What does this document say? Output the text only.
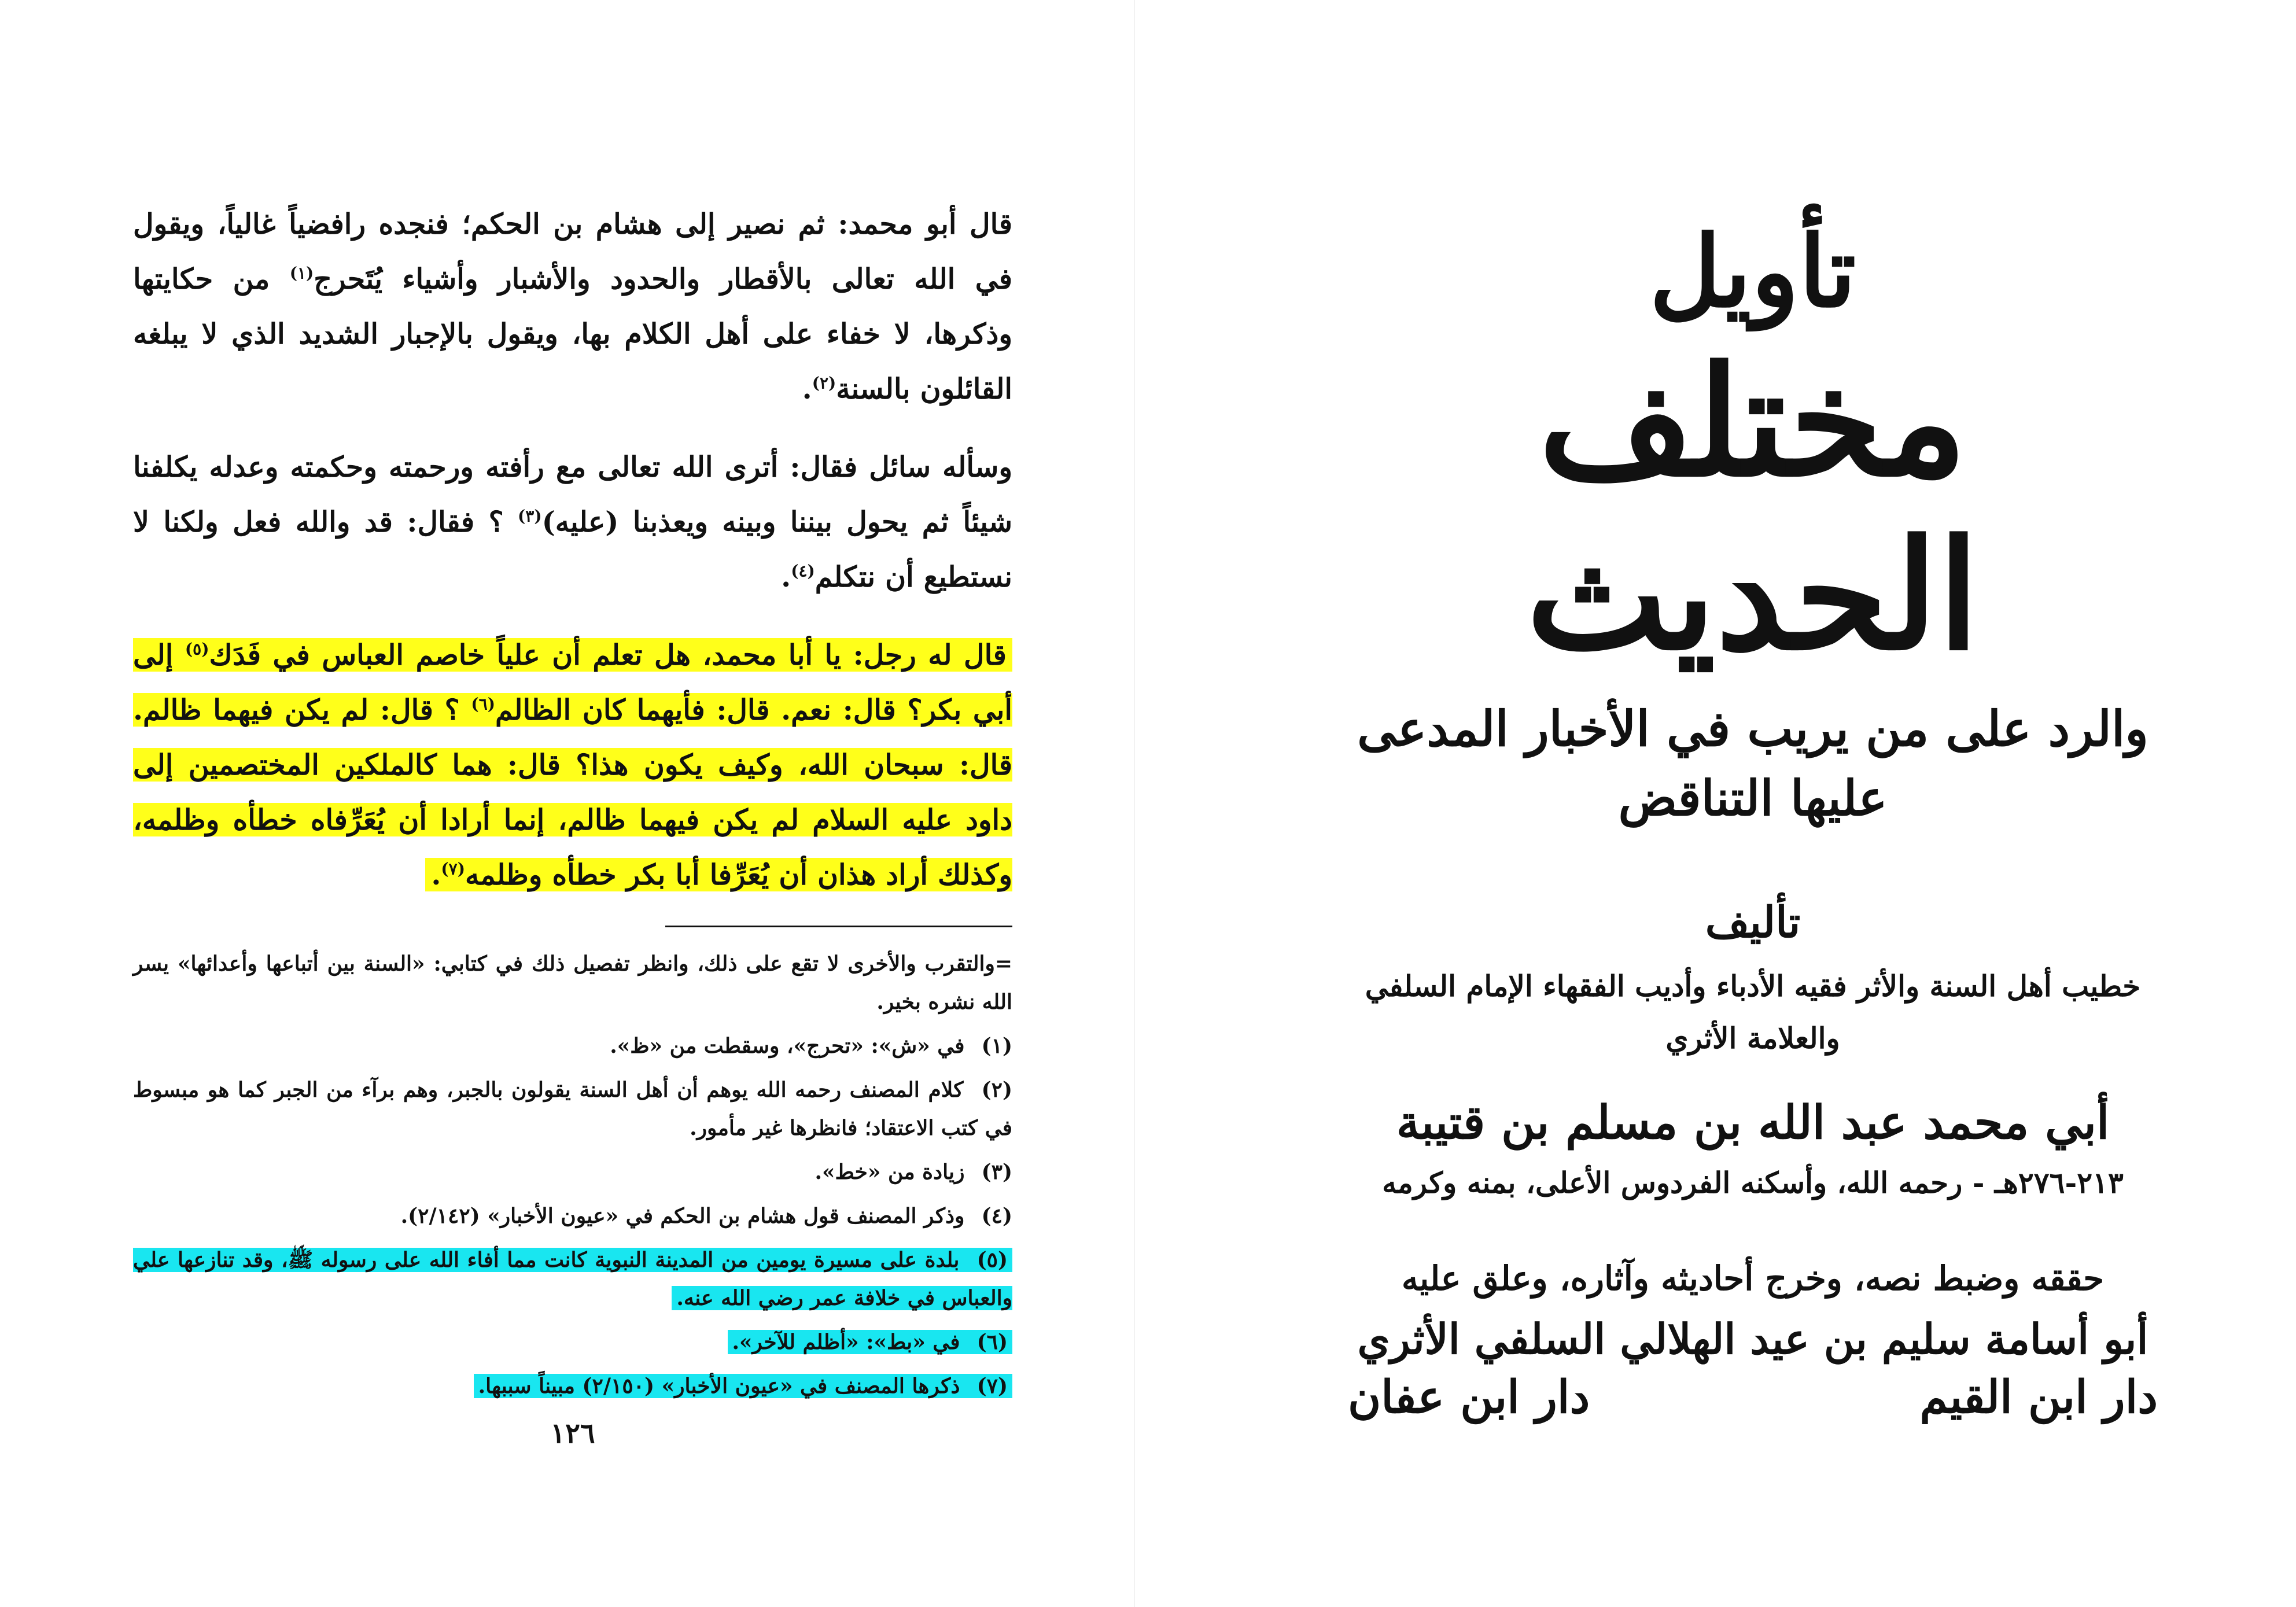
قال أبو محمد: ثم نصير إلى هشام بن الحكم؛ فنجده رافضياً غالياً، ويقول في الله تعالى بالأقطار والحدود والأشبار وأشياء يُتَحرج$^{(١)}$ من حكايتها وذكرها، لا خفاء على أهل الكلام بها، ويقول بالإجبار الشديد الذي لا يبلغه القائلون بالسنة$^{(٢)}$.

وسأله سائل فقال: أترى الله تعالى مع رأفته ورحمته وحكمته وعدله يكلفنا شيئاً ثم يحول بيننا وبينه ويعذبنا (عليه)$^{(٣)}$ ؟ فقال: قد والله فعل ولكنا لا نستطيع أن نتكلم$^{(٤)}$.

قال له رجل: يا أبا محمد، هل تعلم أن علياً خاصم العباس في فَدَك$^{(٥)}$ إلى أبي بكر؟ قال: نعم. قال: فأيهما كان الظالم$^{(٦)}$ ؟ قال: لم يكن فيهما ظالم. قال: سبحان الله، وكيف يكون هذا؟ قال: هما كالملكين المختصمين إلى داود عليه السلام لم يكن فيهما ظالم، إنما أرادا أن يُعَرِّفاه خطأه وظلمه، وكذلك أراد هذان أن يُعَرِّفا أبا بكر خطأه وظلمه$^{(٧)}$.

=والتقرب والأخرى لا تقع على ذلك، وانظر تفصيل ذلك في كتابي: «السنة بين أتباعها وأعدائها» يسر الله نشره بخير.

(١) في «ش»: «تحرج»، وسقطت من «ظ».

(٢) كلام المصنف رحمه الله يوهم أن أهل السنة يقولون بالجبر، وهم برآء من الجبر كما هو مبسوط في كتب الاعتقاد؛ فانظرها غير مأمور.

(٣) زيادة من «خط».

(٤) وذكر المصنف قول هشام بن الحكم في «عيون الأخبار» (٢/١٤٢).

(٥) بلدة على مسيرة يومين من المدينة النبوية كانت مما أفاء الله على رسوله ﷺ، وقد تنازعها علي والعباس في خلافة عمر رضي الله عنه.

(٦) في «بط»: «أظلم للآخر».

(٧) ذكرها المصنف في «عيون الأخبار» (٢/١٥٠) مبيناً سببها.

١٢٦
تأويل
مختلف الحديث
والرد على من يريب في الأخبار المدعى عليها التناقض
تأليف
خطيب أهل السنة والأثر فقيه الأدباء وأديب الفقهاء الإمام السلفي والعلامة الأثري
أبي محمد عبد الله بن مسلم بن قتيبة
٢١٣-٢٧٦هـ - رحمه الله، وأسكنه الفردوس الأعلى، بمنه وكرمه
حققه وضبط نصه، وخرج أحاديثه وآثاره، وعلق عليه
أبو أسامة سليم بن عيد الهلالي السلفي الأثري
دار ابن القيم
دار ابن عفان
